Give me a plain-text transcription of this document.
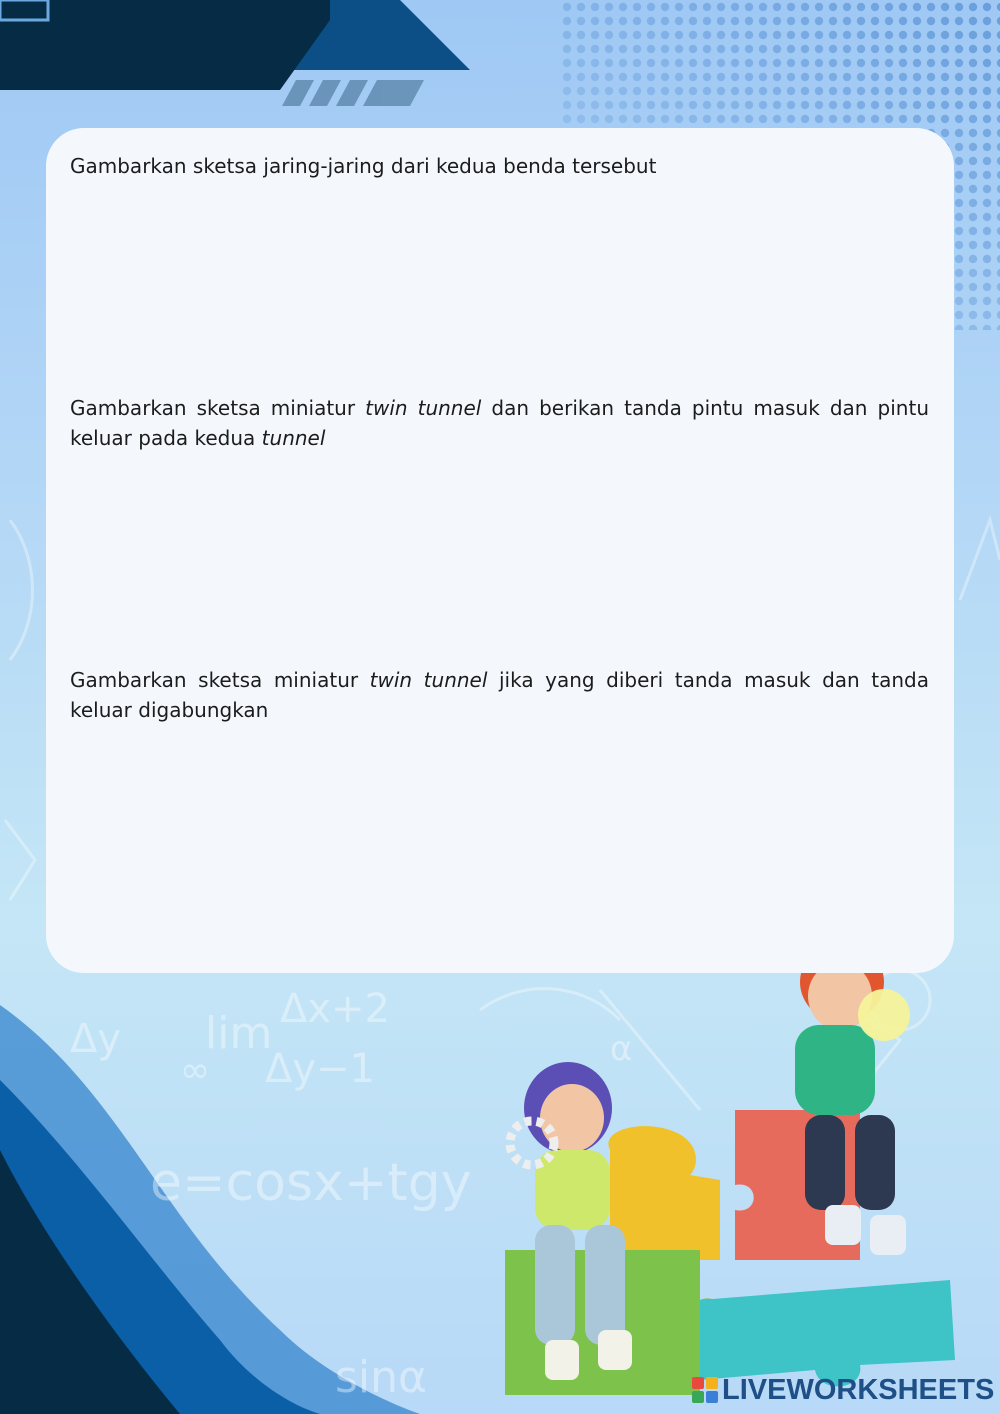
Δx+2
lim
Δy−1
e=cosx+tgy
sinα
Δy
∞
α
Gambarkan sketsa jaring-jaring dari kedua benda tersebut
Gambarkan sketsa miniatur twin tunnel dan berikan tanda pintu masuk dan pintu keluar pada kedua tunnel
Gambarkan sketsa miniatur twin tunnel jika yang diberi tanda masuk dan tanda keluar digabungkan
LIVEWORKSHEETS
